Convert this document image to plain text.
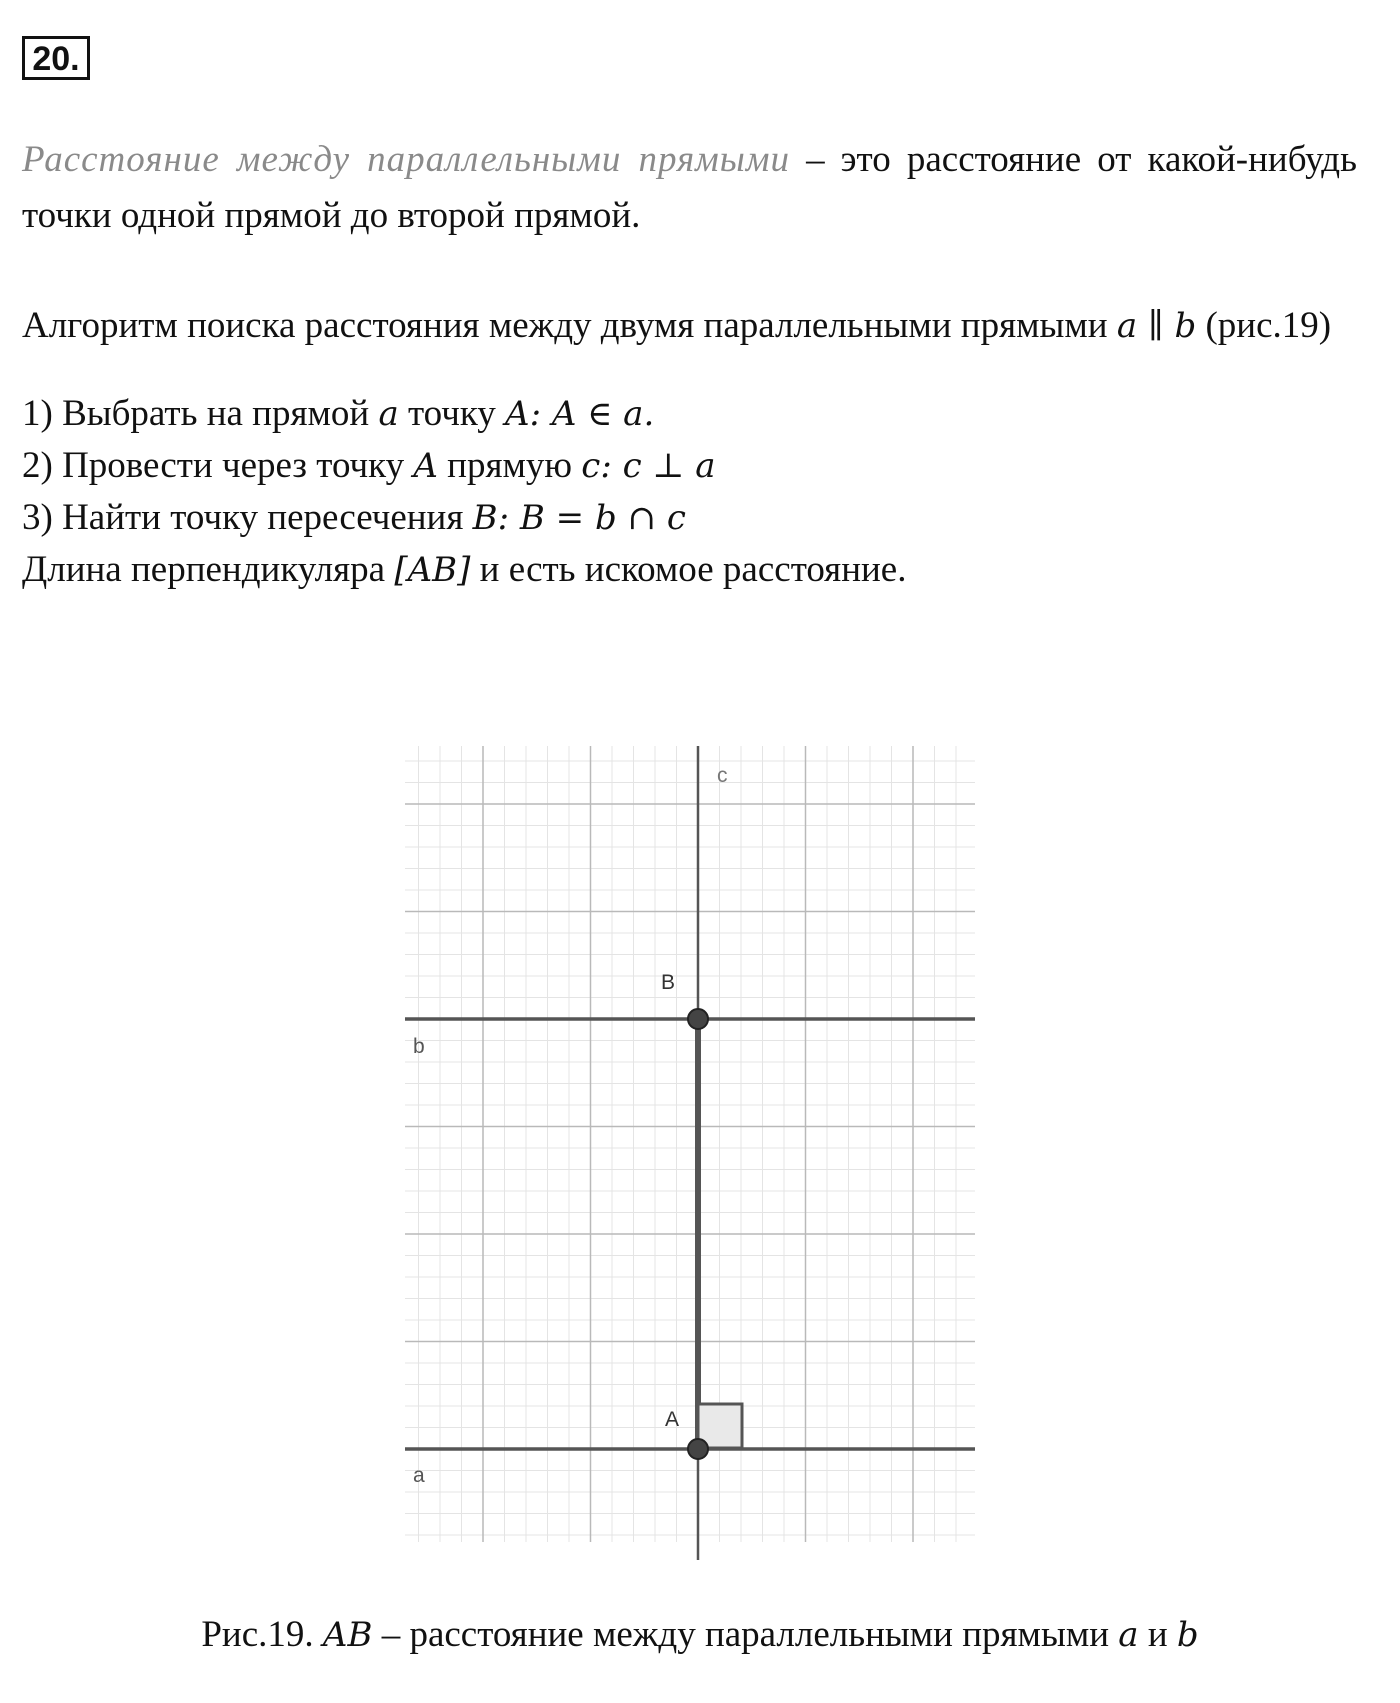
20.

Расстояние между параллельными прямыми – это расстояние от какой-нибудь точки одной прямой до второй прямой.

Алгоритм поиска расстояния между двумя параллельными прямыми a ∥ b (рис.19)

1) Выбрать на прямой a точку A: A ∈ a.

2) Провести через точку A прямую c: c ⊥ a

3) Найти точку пересечения B: B = b ∩ c

Длина перпендикуляра [AB] и есть искомое расстояние.

c
b
a
B
A

Рис.19. AB – расстояние между параллельными прямыми a и b
